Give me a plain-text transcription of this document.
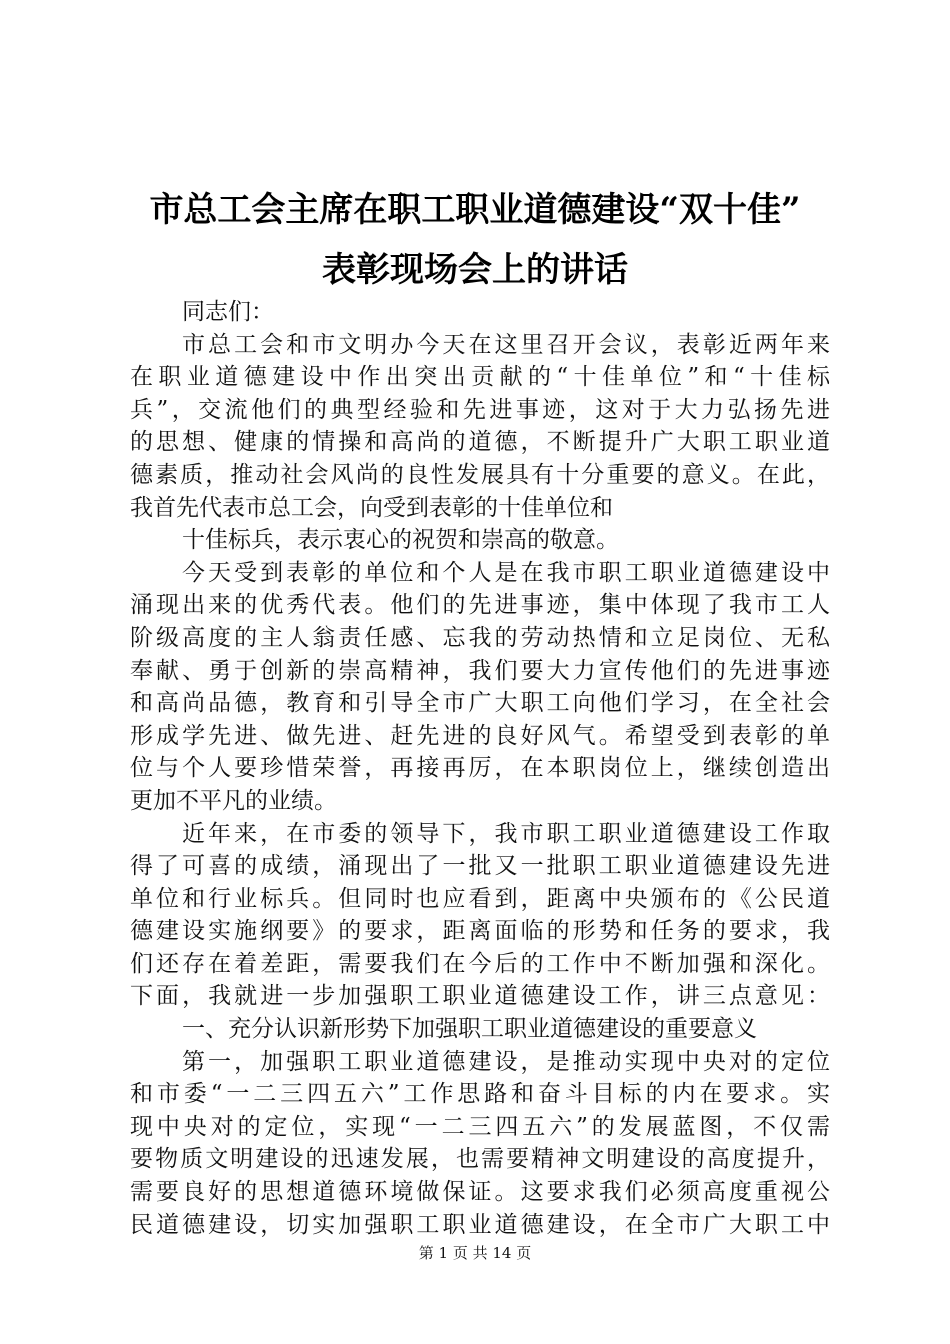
市总工会主席在职工职业道德建设“双十佳”
表彰现场会上的讲话
同志们：
市总工会和市文明办今天在这里召开会议，表彰近两年来
在职业道德建设中作出突出贡献的“十佳单位”和“十佳标
兵”，交流他们的典型经验和先进事迹，这对于大力弘扬先进
的思想、健康的情操和高尚的道德，不断提升广大职工职业道
德素质，推动社会风尚的良性发展具有十分重要的意义。在此，
我首先代表市总工会，向受到表彰的十佳单位和
十佳标兵，表示衷心的祝贺和崇高的敬意。
今天受到表彰的单位和个人是在我市职工职业道德建设中
涌现出来的优秀代表。他们的先进事迹，集中体现了我市工人
阶级高度的主人翁责任感、忘我的劳动热情和立足岗位、无私
奉献、勇于创新的崇高精神，我们要大力宣传他们的先进事迹
和高尚品德，教育和引导全市广大职工向他们学习，在全社会
形成学先进、做先进、赶先进的良好风气。希望受到表彰的单
位与个人要珍惜荣誉，再接再厉，在本职岗位上，继续创造出
更加不平凡的业绩。
近年来，在市委的领导下，我市职工职业道德建设工作取
得了可喜的成绩，涌现出了一批又一批职工职业道德建设先进
单位和行业标兵。但同时也应看到，距离中央颁布的《公民道
德建设实施纲要》的要求，距离面临的形势和任务的要求，我
们还存在着差距，需要我们在今后的工作中不断加强和深化。
下面，我就进一步加强职工职业道德建设工作，讲三点意见：
一、充分认识新形势下加强职工职业道德建设的重要意义
第一，加强职工职业道德建设，是推动实现中央对的定位
和市委“一二三四五六”工作思路和奋斗目标的内在要求。实
现中央对的定位，实现“一二三四五六”的发展蓝图，不仅需
要物质文明建设的迅速发展，也需要精神文明建设的高度提升，
需要良好的思想道德环境做保证。这要求我们必须高度重视公
民道德建设，切实加强职工职业道德建设，在全市广大职工中
第 1 页 共 14 页
